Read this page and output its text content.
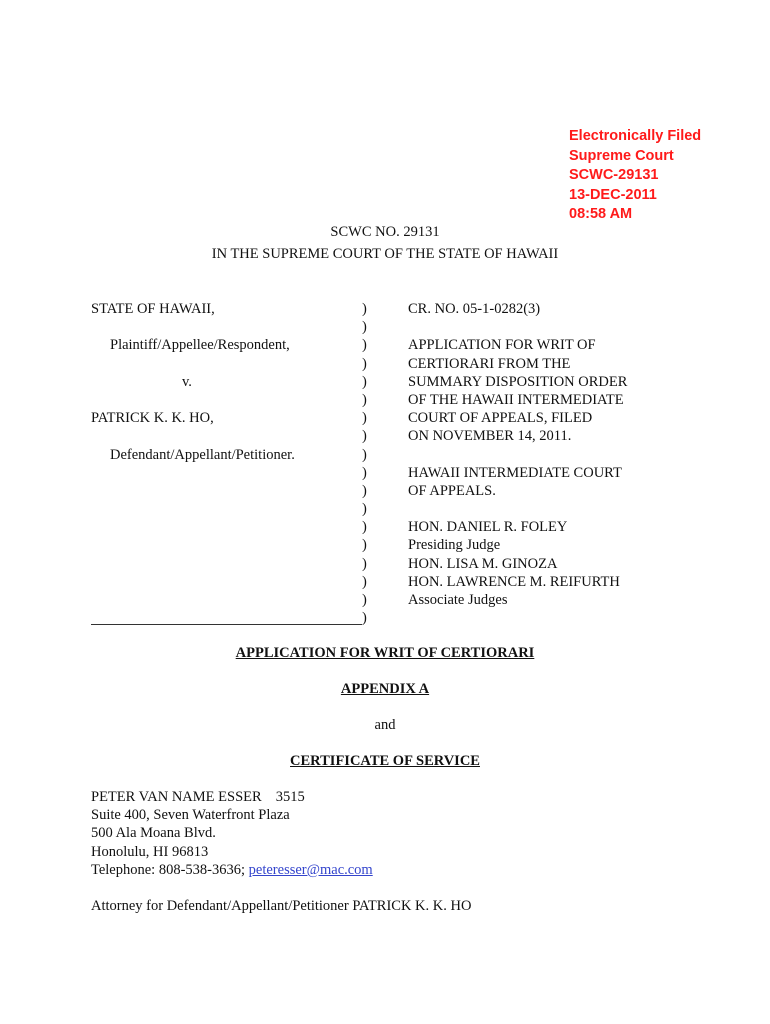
Electronically Filed
Supreme Court
SCWC-29131
13-DEC-2011
08:58 AM
SCWC NO. 29131
IN THE SUPREME COURT OF THE STATE OF HAWAII
STATE OF HAWAII,
Plaintiff/Appellee/Respondent,
v.
PATRICK K. K. HO,
Defendant/Appellant/Petitioner.
)
)
)
)
)
)
)
)
)
)
)
)
)
)
)
)
)
)
CR. NO. 05-1-0282(3)
APPLICATION FOR WRIT OF
CERTIORARI FROM THE
SUMMARY DISPOSITION ORDER
OF THE HAWAII INTERMEDIATE
COURT OF APPEALS, FILED
ON NOVEMBER 14, 2011.
HAWAII INTERMEDIATE COURT
OF APPEALS.
HON. DANIEL R. FOLEY
Presiding Judge
HON. LISA M. GINOZA
HON. LAWRENCE M. REIFURTH
Associate Judges
APPLICATION FOR WRIT OF CERTIORARI
APPENDIX A
and
CERTIFICATE OF SERVICE
PETER VAN NAME ESSER 3515
Suite 400, Seven Waterfront Plaza
500 Ala Moana Blvd.
Honolulu, HI 96813
Telephone: 808-538-3636; peteresser@mac.com
Attorney for Defendant/Appellant/Petitioner PATRICK K. K. HO
